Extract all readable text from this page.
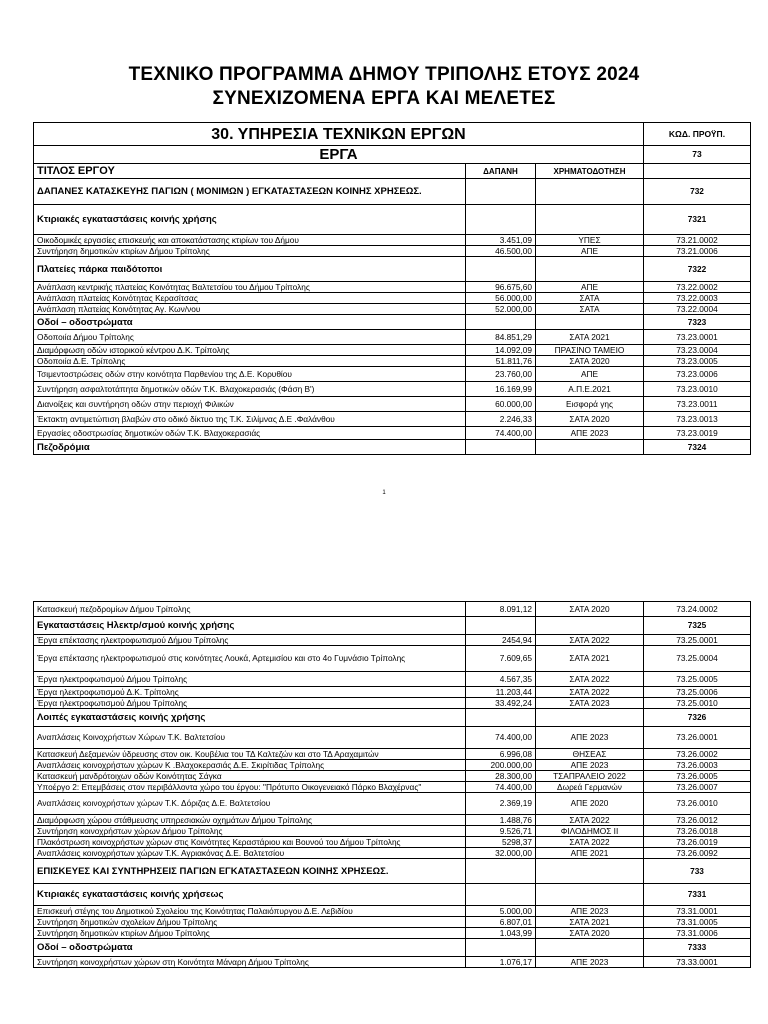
ΤΕΧΝΙΚΟ ΠΡΟΓΡΑΜΜΑ ΔΗΜΟΥ ΤΡΙΠΟΛΗΣ ΕΤΟΥΣ 2024
ΣΥΝΕΧΙΖΟΜΕΝΑ ΕΡΓΑ ΚΑΙ ΜΕΛΕΤΕΣ
30. ΥΠΗΡΕΣΙΑ ΤΕΧΝΙΚΩΝ ΕΡΓΩΝ			ΚΩΔ. ΠΡΟΫΠ.
ΕΡΓΑ			73
ΤΙΤΛΟΣ ΕΡΓΟΥ	ΔΑΠΑΝΗ	ΧΡΗΜΑΤΟΔΟΤΗΣΗ	
ΔΑΠΑΝΕΣ ΚΑΤΑΣΚΕΥΗΣ ΠΑΓΙΩΝ ( ΜΟΝΙΜΩΝ ) ΕΓΚΑΤΑΣΤΑΣΕΩΝ ΚΟΙΝΗΣ ΧΡΗΣΕΩΣ.			732
Κτιριακές εγκαταστάσεις κοινής χρήσης			7321
Οικοδομικές εργασίες επισκευής και αποκατάστασης κτιρίων του Δήμου	3.451,09	ΥΠΕΣ	73.21.0002
Συντήρηση δημοτικών κτιρίων Δήμου Τρίπολης	46.500,00	ΑΠΕ	73.21.0006
Πλατείες πάρκα παιδότοποι			7322
Ανάπλαση κεντρικής πλατείας Κοινότητας Βαλτετσίου του Δήμου Τρίπολης	96.675,60	ΑΠΕ	73.22.0002
Ανάπλαση πλατείας Κοινότητας Κερασίτσας	56.000,00	ΣΑΤΑ	73.22.0003
Ανάπλαση πλατείας Κοινότητας Αγ. Κων/νου	52.000,00	ΣΑΤΑ	73.22.0004
Οδοί – οδοστρώματα			7323
Οδοποιία Δήμου Τρίπολης	84.851,29	ΣΑΤΑ 2021	73.23.0001
Διαμόρφωση οδών ιστορικού κέντρου Δ.Κ. Τρίπολης	14.092,09	ΠΡΑΣΙΝΟ ΤΑΜΕΙΟ	73.23.0004
Οδοποιία Δ.Ε. Τρίπολης	51.811,76	ΣΑΤΑ 2020	73.23.0005
Τσιμεντοστρώσεις οδών στην κοινότητα Παρθενίου της Δ.Ε. Κορυθίου	23.760,00	ΑΠΕ	73.23.0006
Συντήρηση ασφαλτοτάπητα δημοτικών οδών Τ.Κ. Βλαχοκερασιάς (Φάση Β')	16.169,99	Α.Π.Ε.2021	73.23.0010
Διανοίξεις και συντήρηση οδών στην περιοχή Φιλικών	60.000,00	Εισφορά γης	73.23.0011
Έκτακτη αντιμετώπιση βλαβών στο οδικό δίκτυο της Τ.Κ. Σιλίμνας Δ.Ε .Φαλάνθου	2.246,33	ΣΑΤΑ 2020	73.23.0013
Εργασίες οδοστρωσίας δημοτικών οδών Τ.Κ. Βλαχοκερασιάς	74.400,00	ΑΠΕ 2023	73.23.0019
Πεζοδρόμια			7324
1
Κατασκευή πεζοδρομίων Δήμου Τρίπολης	8.091,12	ΣΑΤΑ 2020	73.24.0002
Εγκαταστάσεις Ηλεκτρ/σμού κοινής χρήσης			7325
Έργα επέκτασης ηλεκτροφωτισμού Δήμου Τρίπολης	2454,94	ΣΑΤΑ 2022	73.25.0001
Έργα επέκτασης ηλεκτροφωτισμού στις κοινότητες Λουκά, Αρτεμισίου και στο 4ο Γυμνάσιο Τρίπολης	7.609,65	ΣΑΤΑ 2021	73.25.0004
Έργα ηλεκτροφωτισμού Δήμου Τρίπολης	4.567,35	ΣΑΤΑ 2022	73.25.0005
Έργα ηλεκτροφωτισμού Δ.Κ. Τρίπολης	11.203,44	ΣΑΤΑ 2022	73.25.0006
Έργα ηλεκτροφωτισμού Δήμου Τρίπολης	33.492,24	ΣΑΤΑ 2023	73.25.0010
Λοιπές εγκαταστάσεις κοινής χρήσης			7326
Αναπλάσεις Κοινοχρήστων Χώρων Τ.Κ. Βαλτετσίου	74.400,00	ΑΠΕ 2023	73.26.0001
Κατασκευή Δεξαμενών ύδρευσης στον οικ. Κουβέλια του ΤΔ Καλτεζών και στο ΤΔ Αραχαμιτών	6.996,08	ΘΗΣΕΑΣ	73.26.0002
Αναπλάσεις κοινοχρήστων χώρων Κ .Βλαχοκερασιάς Δ.Ε. Σκιρίτιδας Τρίπολης	200.000,00	ΑΠΕ 2023	73.26.0003
Κατασκευή μανδρότοιχων οδών Κοινότητας Σάγκα	28.300,00	ΤΣΑΠΡΑΛΕΙΟ 2022	73.26.0005
Υποέργο 2: Επεμβάσεις στον περιβάλλοντα χώρο του έργου: "Πρότυπο Οικογενειακό Πάρκο Βλαχέρνας"	74.400,00	Δωρεά Γερμανών	73.26.0007
Αναπλάσεις κοινοχρήστων χώρων Τ.Κ. Δόριζας Δ.Ε. Βαλτετσίου	2.369,19	ΑΠΕ 2020	73.26.0010
Διαμόρφωση χώρου στάθμευσης υπηρεσιακών οχημάτων Δήμου Τρίπολης	1.488,76	ΣΑΤΑ 2022	73.26.0012
Συντήρηση κοινοχρήστων χώρων Δήμου Τρίπολης	9.526,71	ΦΙΛΟΔΗΜΟΣ ΙΙ	73.26.0018
Πλακόστρωση κοινοχρήστων χώρων στις Κοινότητες Κεραστάριου και Βουνού του Δήμου Τρίπολης	5298,37	ΣΑΤΑ 2022	73.26.0019
Αναπλάσεις κοινοχρήστων χώρων Τ.Κ. Αγριακόνας Δ.Ε. Βαλτετσίου	32.000,00	ΑΠΕ 2021	73.26.0092
ΕΠΙΣΚΕΥΕΣ ΚΑΙ ΣΥΝΤΗΡΗΣΕΙΣ ΠΑΓΙΩΝ ΕΓΚΑΤΑΣΤΑΣΕΩΝ ΚΟΙΝΗΣ ΧΡΗΣΕΩΣ.			733
Κτιριακές εγκαταστάσεις κοινής χρήσεως			7331
Επισκευή στέγης του Δημοτικού Σχολείου της Κοινότητας Παλαιόπυργου Δ.Ε. Λεβιδίου	5.000,00	ΑΠΕ 2023	73.31.0001
Συντήρηση δημοτικών σχολείων Δήμου Τρίπολης	6.807,01	ΣΑΤΑ 2021	73.31.0005
Συντήρηση δημοτικών κτιρίων Δήμου Τρίπολης	1.043,99	ΣΑΤΑ 2020	73.31.0006
Οδοί – οδοστρώματα			7333
Συντήρηση κοινοχρήστων χώρων στη Κοινότητα Μάναρη Δήμου Τρίπολης	1.076,17	ΑΠΕ 2023	73.33.0001
